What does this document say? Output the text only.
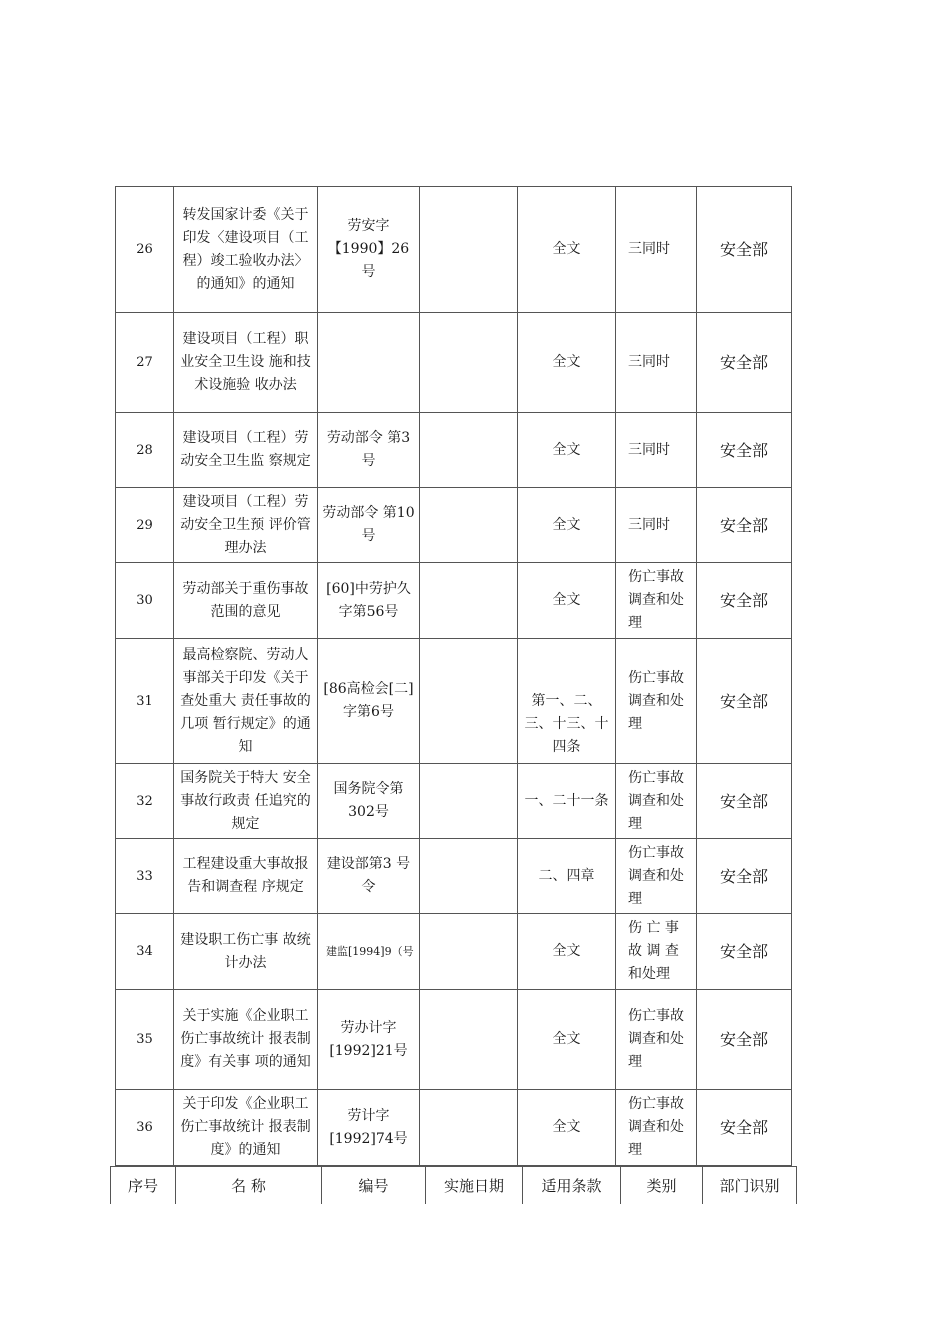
26	转发国家计委《关于印发〈建设项目（工程）竣工验收办法〉的通知》的通知	劳安字【1990】26号		全文	三同时	安全部
27	建设项目（工程）职业安全卫生设 施和技术设施验 收办法			全文	三同时	安全部
28	建设项目（工程）劳动安全卫生监 察规定	劳动部令 第3号		全文	三同时	安全部
29	建设项目（工程）劳动安全卫生预 评价管理办法	劳动部令 第10号		全文	三同时	安全部
30	劳动部关于重伤事故范围的意见	[60]中劳护久 字第56号		全文	伤亡事故调查和处理	安全部
31	最高检察院、劳动人事部关于印发《关于查处重大 责任事故的几项 暂行规定》的通知	[86高检会[二]字第6号		第一、二、三、十三、十四条	伤亡事故调查和处理	安全部
32	国务院关于特大 安全事故行政责 任追究的规定	国务院令第302号		一、二十一条	伤亡事故调查和处理	安全部
33	工程建设重大事故报告和调查程 序规定	建设部第3 号令		二、四章	伤亡事故调查和处理	安全部
34	建设职工伤亡事 故统计办法	建监[1994]9（号		全文	伤 亡 事 故 调 查 和处理	安全部
35	关于实施《企业职工伤亡事故统计 报表制度》有关事 项的通知	劳办计字[1992]21号		全文	伤亡事故调查和处理	安全部
36	关于印发《企业职工伤亡事故统计 报表制度》的通知	劳计字[1992]74号		全文	伤亡事故调查和处理	安全部
序号	名 称	编号	实施日期	适用条款	类别	部门识别
